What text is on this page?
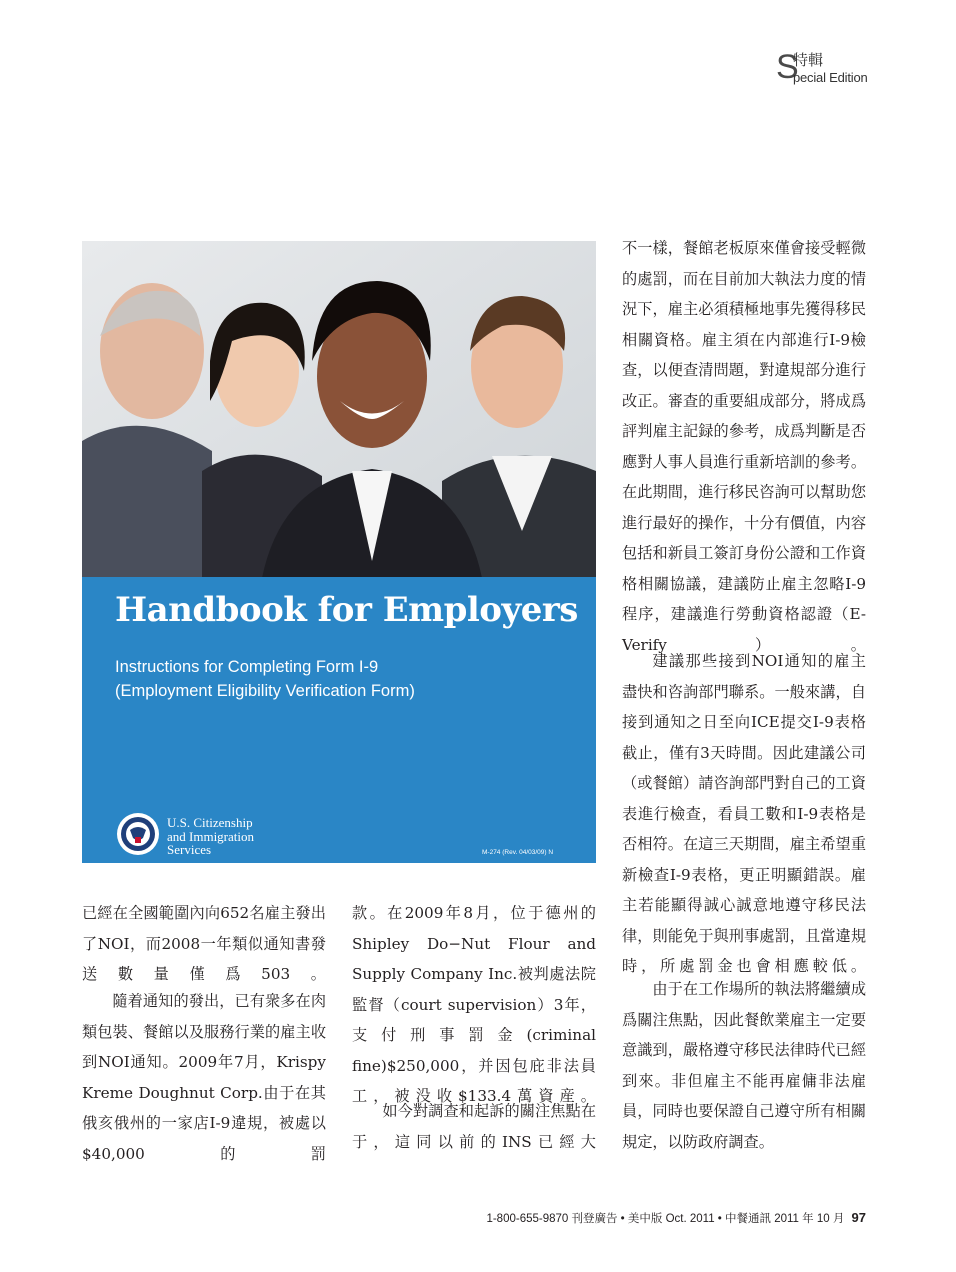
S
特輯
pecial Edition
Handbook for Employers
Instructions for Completing Form I-9
(Employment Eligibility Verification Form)
U.S. Citizenship
and Immigration
Services	M-274 (Rev. 04/03/09) N

不一樣，餐館老板原來僅會接受輕微的處罰，而在目前加大執法力度的情況下，雇主必須積極地事先獲得移民相關資格。雇主須在内部進行I-9檢查，以便查清問題，對違規部分進行改正。審查的重要組成部分，將成爲評判雇主記録的參考，成爲判斷是否應對人事人員進行重新培訓的參考。在此期間，進行移民咨詢可以幫助您進行最好的操作，十分有價值，内容包括和新員工簽訂身份公證和工作資格相關協議，建議防止雇主忽略I-9程序，建議進行勞動資格認證（E-Verify）。

建議那些接到NOI通知的雇主盡快和咨詢部門聯系。一般來講，自接到通知之日至向ICE提交I-9表格截止，僅有3天時間。因此建議公司（或餐館）請咨詢部門對自己的工資表進行檢查，看員工數和I-9表格是否相符。在這三天期間，雇主希望重新檢查I-9表格，更正明顯錯誤。雇主若能顯得誠心誠意地遵守移民法律，則能免于與刑事處罰，且當違規時，所處罰金也會相應較低。

由于在工作場所的執法將繼續成爲關注焦點，因此餐飲業雇主一定要意識到，嚴格遵守移民法律時代已經到來。非但雇主不能再雇傭非法雇員，同時也要保證自己遵守所有相關規定，以防政府調查。

已經在全國範圍內向652名雇主發出了NOI，而2008一年類似通知書發送數量僅爲503。

隨着通知的發出，已有衆多在肉類包裝、餐館以及服務行業的雇主收到NOI通知。2009年7月，Krispy Kreme Doughnut Corp.由于在其俄亥俄州的一家店I-9違規，被處以$40,000的罰

款。在2009年8月，位于德州的Shipley Do−Nut Flour and Supply Company Inc.被判處法院監督（court supervision）3年，支付刑事罰金(criminal fine)$250,000，并因包庇非法員工，被没收$133.4萬資産。

如今對調查和起訴的關注焦點在于，這同以前的INS已經大

1-800-655-9870 刊登廣告 • 美中版 Oct. 2011 • 中餐通訊 2011 年 10 月 97
